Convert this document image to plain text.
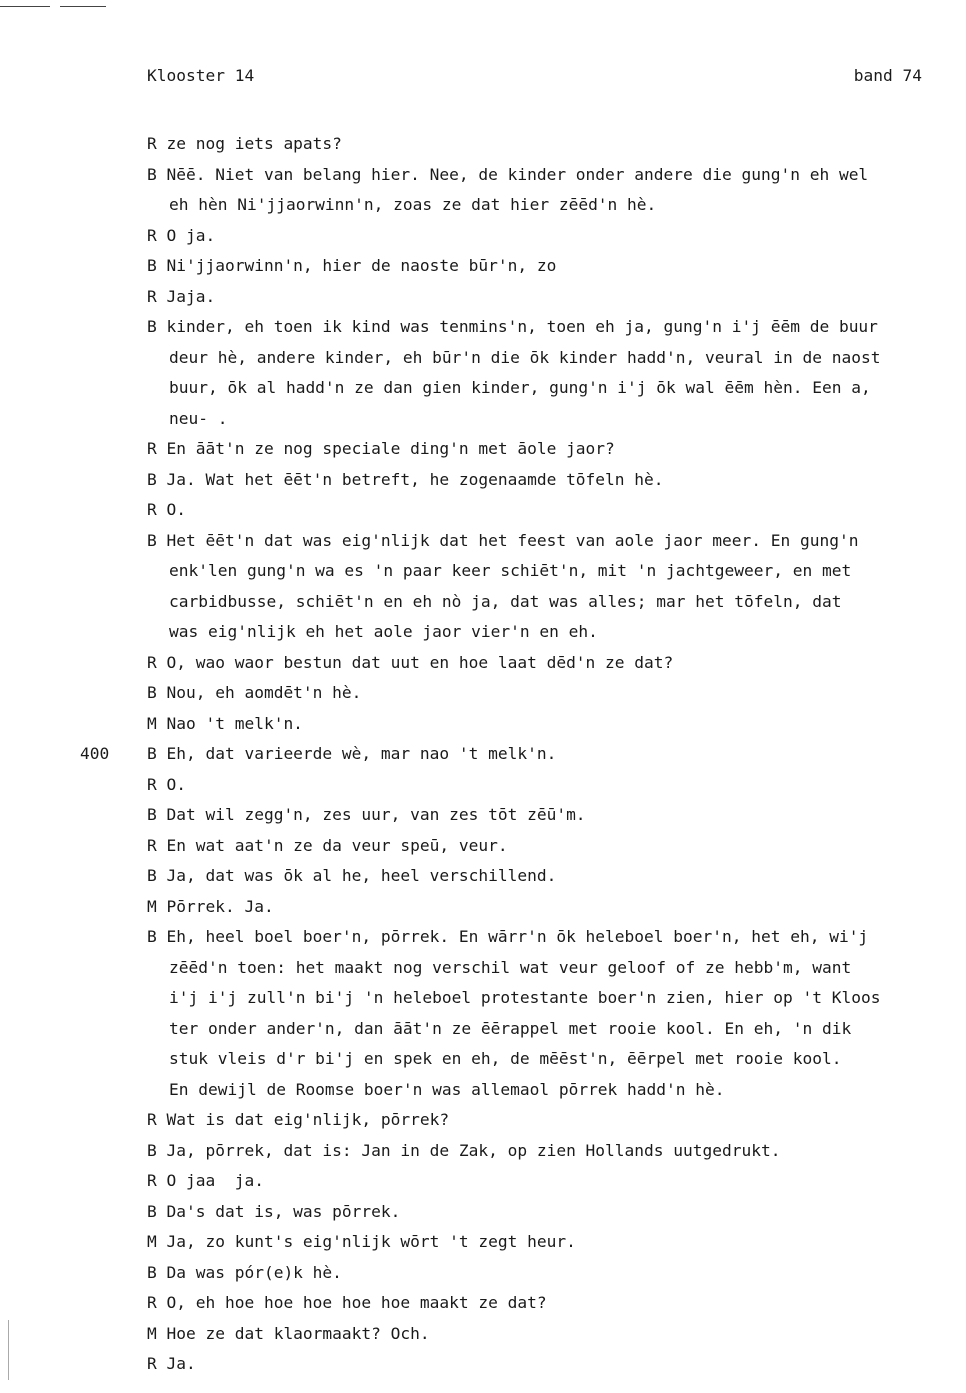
Klooster 14	band 74
R ze nog iets apats?
B Nēē. Niet van belang hier. Nee, de kinder onder andere die gung'n eh wel
eh hèn Ni'jjaorwinn'n, zoas ze dat hier zēēd'n hè.
R O ja.
B Ni'jjaorwinn'n, hier de naoste būr'n, zo
R Jaja.
B kinder, eh toen ik kind was tenmins'n, toen eh ja, gung'n i'j ēēm de buur
deur hè, andere kinder, eh būr'n die ōk kinder hadd'n, veural in de naost
buur, ōk al hadd'n ze dan gien kinder, gung'n i'j ōk wal ēēm hèn. Een a,
neu- .
R En āāt'n ze nog speciale ding'n met āole jaor?
B Ja. Wat het ēēt'n betreft, he zogenaamde tōfeln hè.
R O.
B Het ēēt'n dat was eig'nlijk dat het feest van aole jaor meer. En gung'n
enk'len gung'n wa es 'n paar keer schiēt'n, mit 'n jachtgeweer, en met
carbidbusse, schiēt'n en eh nò ja, dat was alles; mar het tōfeln, dat
was eig'nlijk eh het aole jaor vier'n en eh.
R O, wao waor bestun dat uut en hoe laat dēd'n ze dat?
B Nou, eh aomdēt'n hè.
M Nao 't melk'n.
400 B Eh, dat varieerde wè, mar nao 't melk'n.
R O.
B Dat wil zegg'n, zes uur, van zes tōt zēū'm.
R En wat aat'n ze da veur speū, veur.
B Ja, dat was ōk al he, heel verschillend.
M Pōrrek. Ja.
B Eh, heel boel boer'n, pōrrek. En wārr'n ōk heleboel boer'n, het eh, wi'j
zēēd'n toen: het maakt nog verschil wat veur geloof of ze hebb'm, want
i'j i'j zull'n bi'j 'n heleboel protestante boer'n zien, hier op 't Kloos
ter onder ander'n, dan āāt'n ze ēērappel met rooie kool. En eh, 'n dik
stuk vleis d'r bi'j en spek en eh, de mēēst'n, ēērpel met rooie kool.
En dewijl de Roomse boer'n was allemaol pōrrek hadd'n hè.
R Wat is dat eig'nlijk, pōrrek?
B Ja, pōrrek, dat is: Jan in de Zak, op zien Hollands uutgedrukt.
R O jaa  ja.
B Da's dat is, was pōrrek.
M Ja, zo kunt's eig'nlijk wōrt 't zegt heur.
B Da was pór(e)k hè.
R O, eh hoe hoe hoe hoe hoe maakt ze dat?
M Hoe ze dat klaormaakt? Och.
R Ja.
